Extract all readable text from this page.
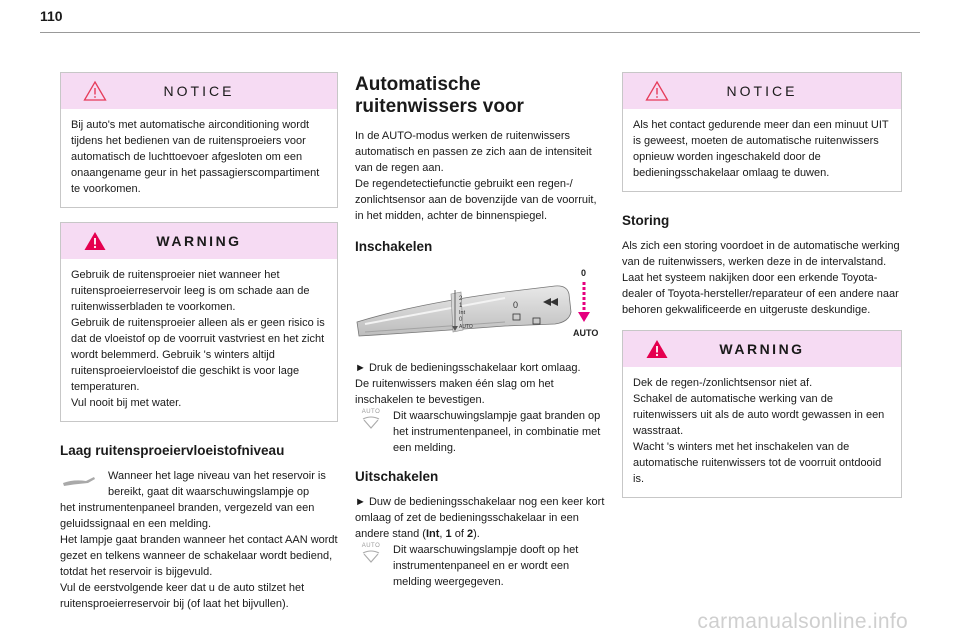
110
NOTICE

Bij auto's met automatische airconditioning wordt tijdens het bedienen van de ruitensproeiers voor automatisch de luchttoevoer afgesloten om een onaangename geur in het passagierscompartiment te voorkomen.

WARNING

Gebruik de ruitensproeier niet wanneer het ruitensproeierreservoir leeg is om schade aan de ruitenwisserbladen te voorkomen.
Gebruik de ruitensproeier alleen als er geen risico is dat de vloeistof op de voorruit vastvriest en het zicht wordt belemmerd. Gebruik 's winters altijd ruitensproeiervloeistof die geschikt is voor lage temperaturen.
Vul nooit bij met water.

Laag ruitensproeiervloeistofniveau

Wanneer het lage niveau van het reservoir is bereikt, gaat dit waarschuwingslampje op

het instrumentenpaneel branden, vergezeld van een geluidssignaal en een melding.
Het lampje gaat branden wanneer het contact AAN wordt gezet en telkens wanneer de schakelaar wordt bediend, totdat het reservoir is bijgevuld.
Vul de eerstvolgende keer dat u de auto stilzet het ruitensproeierreservoir bij (of laat het bijvullen).

Automatische ruitenwissers voor

In de AUTO-modus werken de ruitenwissers automatisch en passen ze zich aan de intensiteit van de regen aan.
De regendetectiefunctie gebruikt een regen-/ zonlichtsensor aan de bovenzijde van de voorruit, in het midden, achter de binnenspiegel.

Inschakelen
2
1
Int
0
AUTO
0
0
AUTO

► Druk de bedieningsschakelaar kort omlaag.
De ruitenwissers maken één slag om het inschakelen te bevestigen.

AUTO	Dit waarschuwingslampje gaat branden op het instrumentenpaneel, in combinatie met een melding.

Uitschakelen

► Duw de bedieningsschakelaar nog een keer kort omlaag of zet de bedieningsschakelaar in een andere stand (Int, 1 of 2).

AUTO	Dit waarschuwingslampje dooft op het instrumentenpaneel en er wordt een melding weergegeven.

NOTICE

Als het contact gedurende meer dan een minuut UIT is geweest, moeten de automatische ruitenwissers opnieuw worden ingeschakeld door de bedieningsschakelaar omlaag te duwen.

Storing

Als zich een storing voordoet in de automatische werking van de ruitenwissers, werken deze in de intervalstand.
Laat het systeem nakijken door een erkende Toyota-dealer of Toyota-hersteller/reparateur of een andere naar behoren gekwalificeerde en uitgeruste deskundige.

WARNING

Dek de regen-/zonlichtsensor niet af.
Schakel de automatische werking van de ruitenwissers uit als de auto wordt gewassen in een wasstraat.
Wacht 's winters met het inschakelen van de automatische ruitenwissers tot de voorruit ontdooid is.

carmanualsonline.info
